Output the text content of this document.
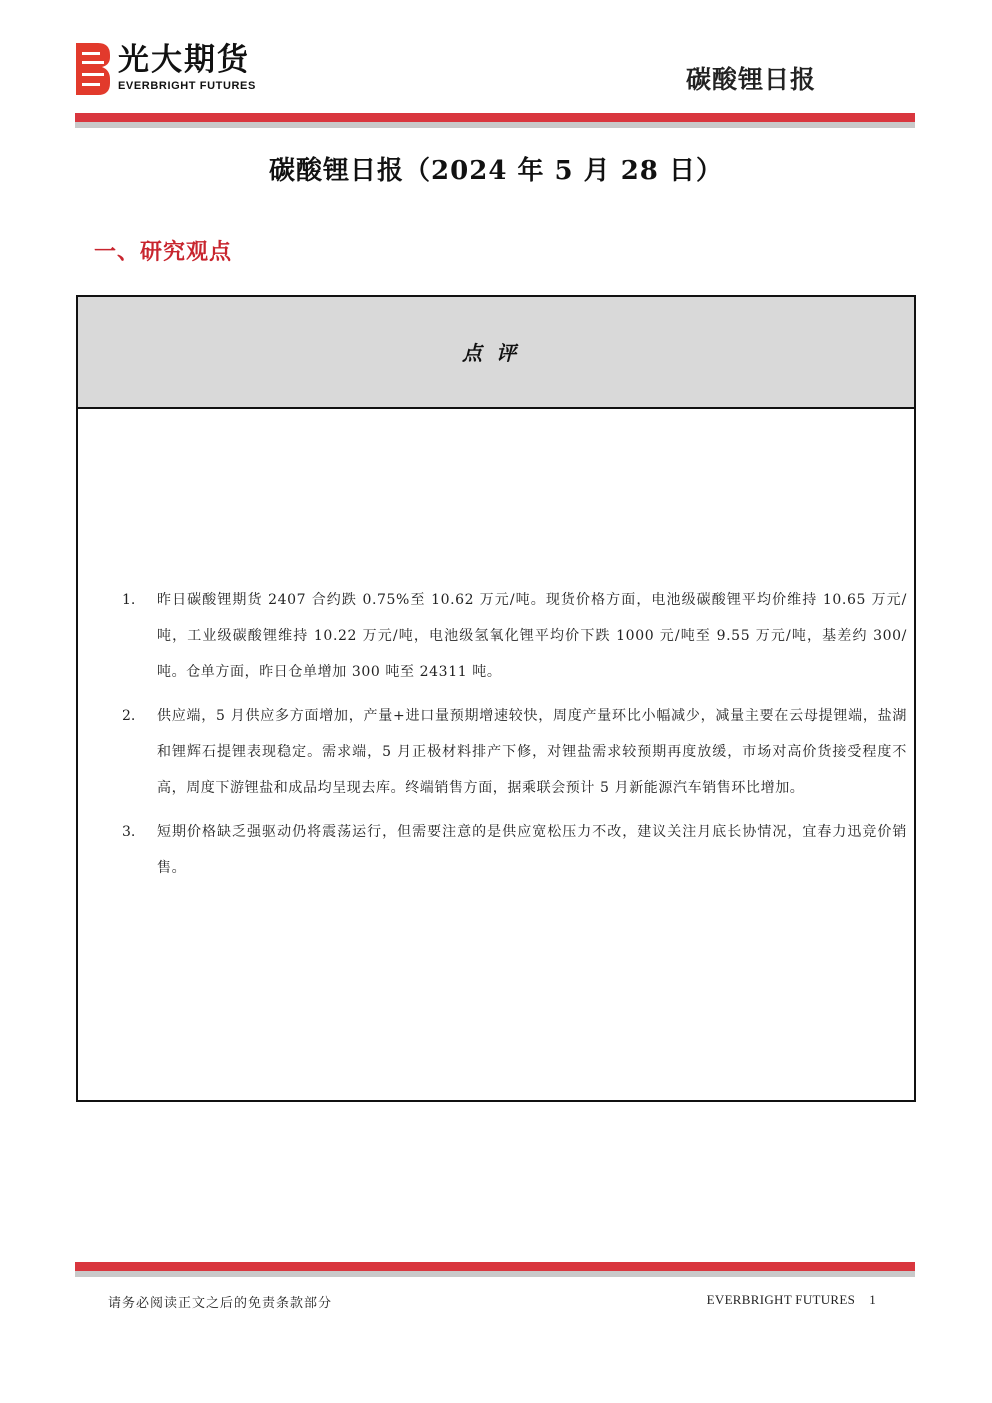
光大期货
EVERBRIGHT FUTURES	碳酸锂日报
碳酸锂日报（2024 年 5 月 28 日）
一、研究观点
点评
1. 昨日碳酸锂期货 2407 合约跌 0.75%至 10.62 万元/吨。现货价格方面，电池级碳酸锂平均价维持 10.65 万元/吨，工业级碳酸锂维持 10.22 万元/吨，电池级氢氧化锂平均价下跌 1000 元/吨至 9.55 万元/吨，基差约 300/吨。仓单方面，昨日仓单增加 300 吨至 24311 吨。
2. 供应端，5 月供应多方面增加，产量+进口量预期增速较快，周度产量环比小幅减少，减量主要在云母提锂端，盐湖和锂辉石提锂表现稳定。需求端，5 月正极材料排产下修，对锂盐需求较预期再度放缓，市场对高价货接受程度不高，周度下游锂盐和成品均呈现去库。终端销售方面，据乘联会预计 5 月新能源汽车销售环比增加。
3. 短期价格缺乏强驱动仍将震荡运行，但需要注意的是供应宽松压力不改，建议关注月底长协情况，宜春力迅竞价销售。
请务必阅读正文之后的免责条款部分	EVERBRIGHT FUTURES 1
